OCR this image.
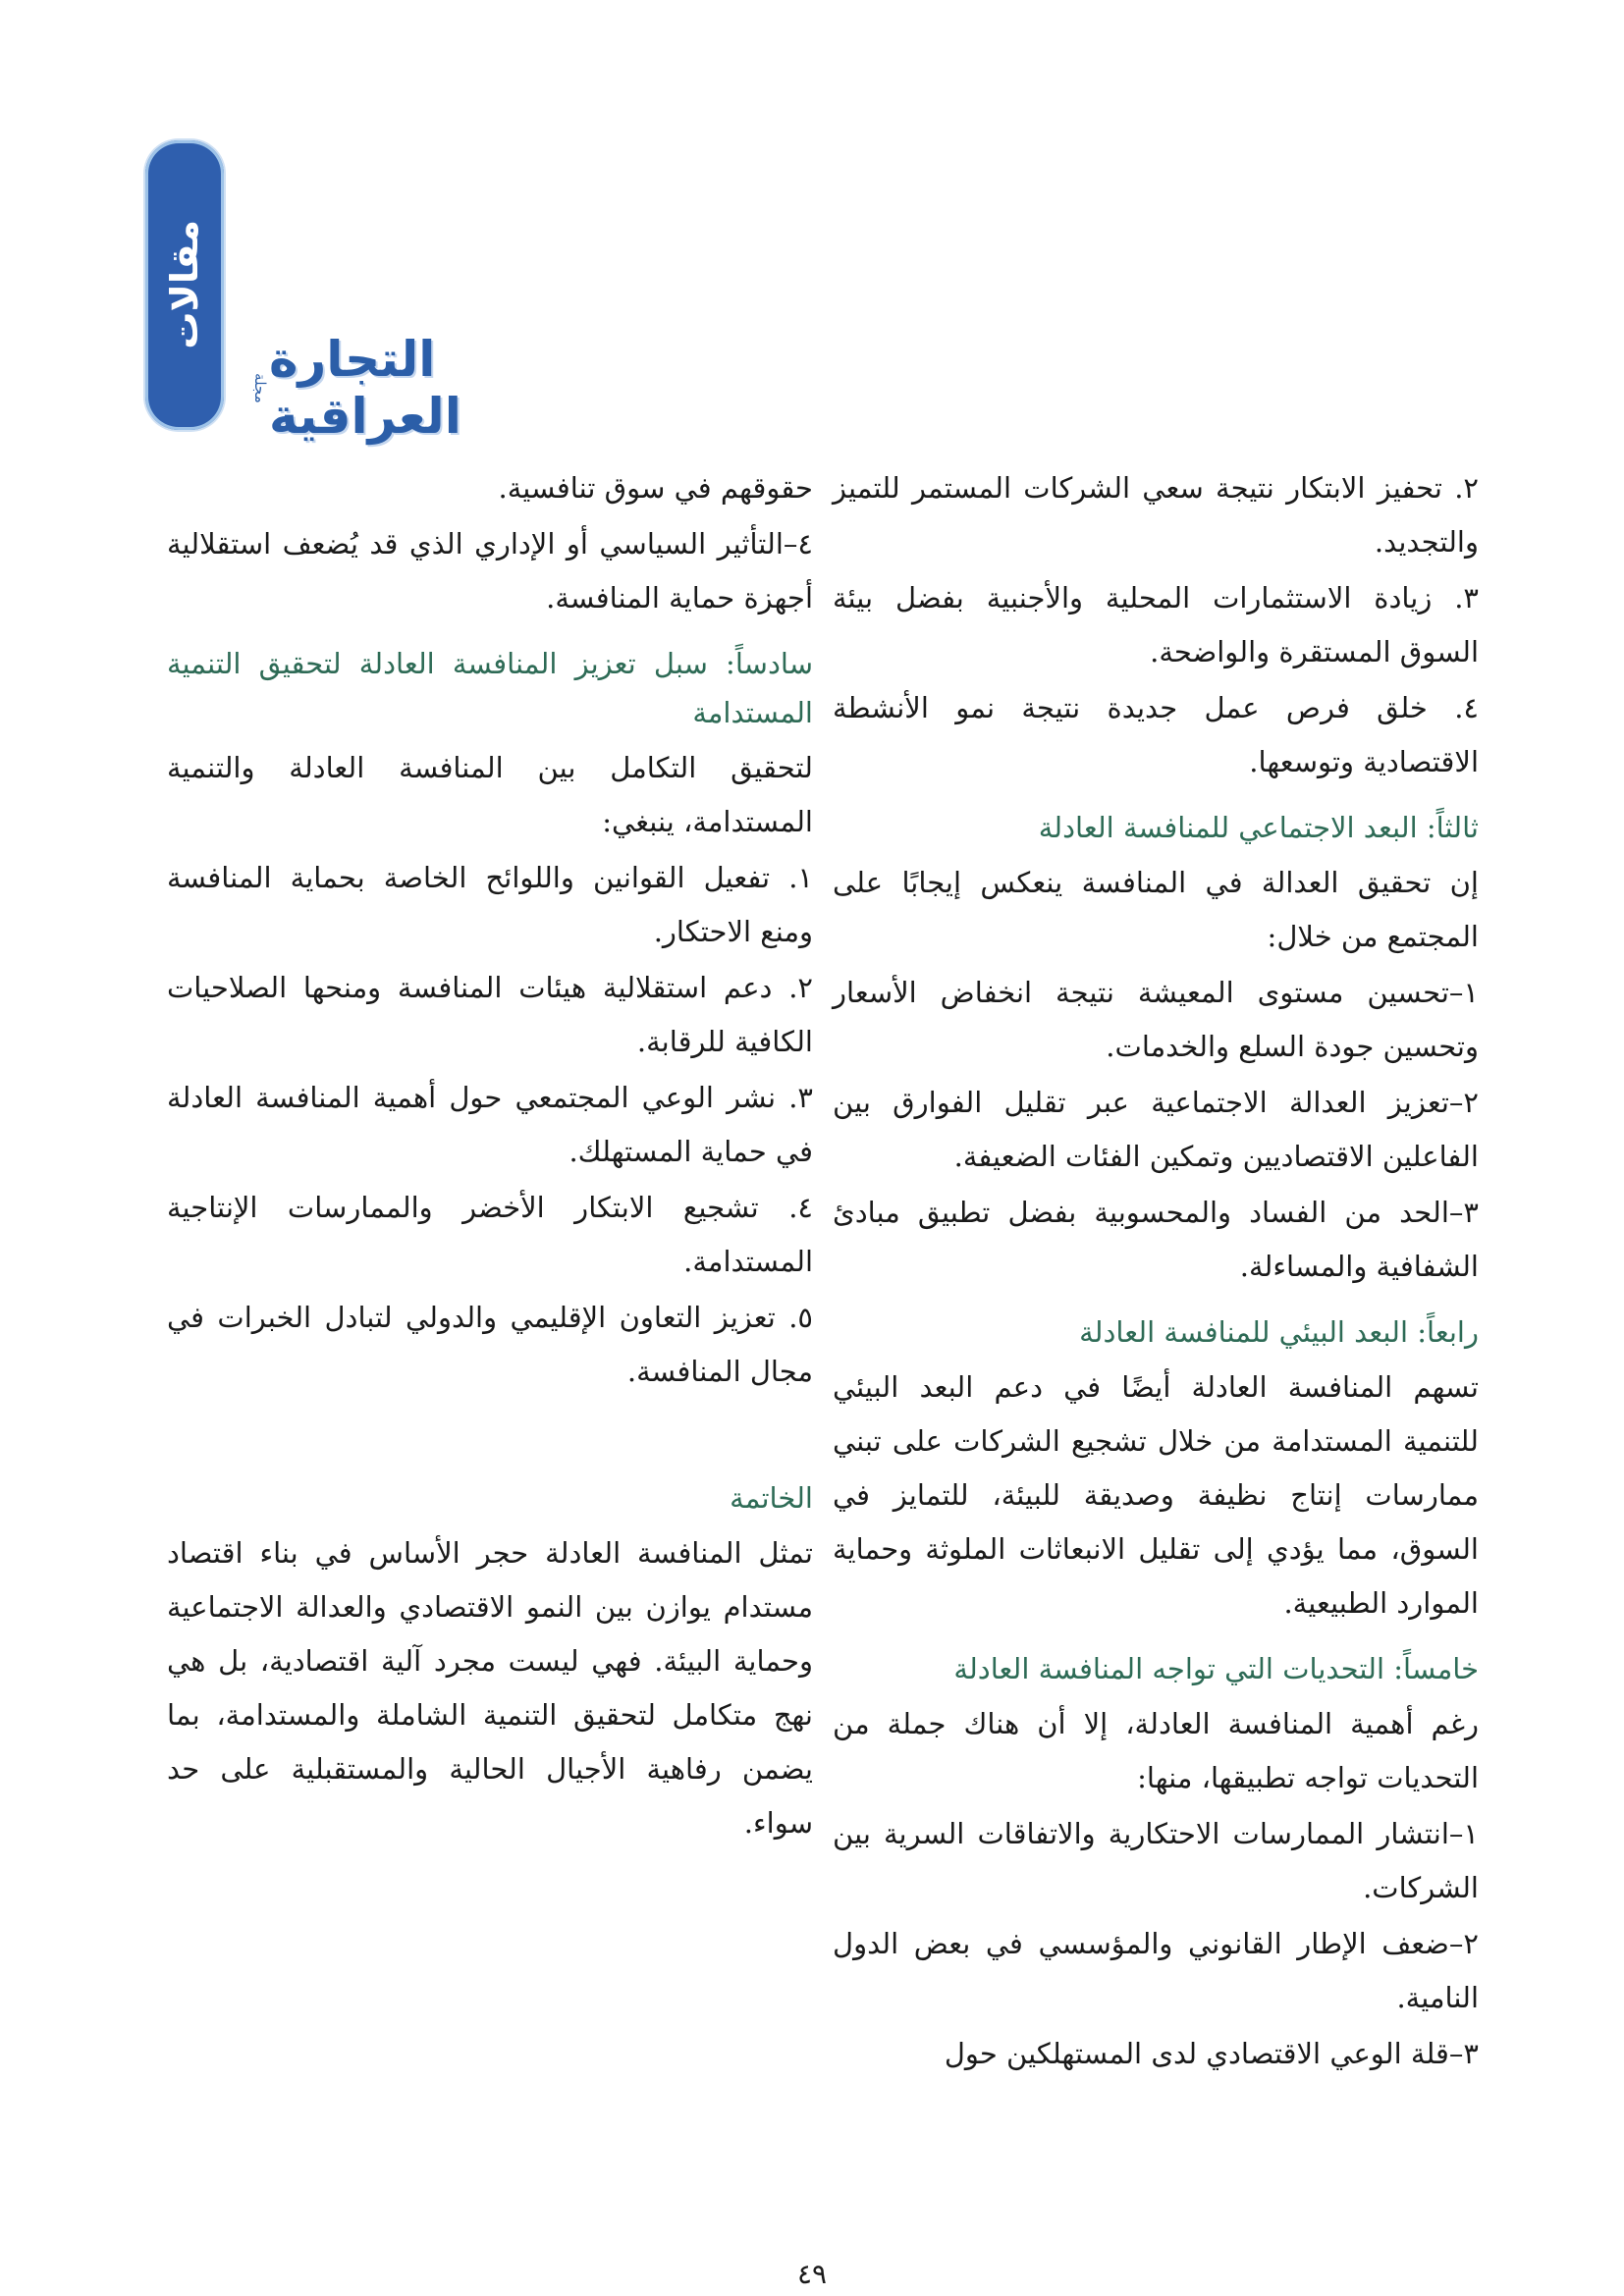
مقالات
التجارة العراقية
مجلة
٢. تحفيز الابتكار نتيجة سعي الشركات المستمر للتميز والتجديد.
٣. زيادة الاستثمارات المحلية والأجنبية بفضل بيئة السوق المستقرة والواضحة.
٤. خلق فرص عمل جديدة نتيجة نمو الأنشطة الاقتصادية وتوسعها.
ثالثاً: البعد الاجتماعي للمنافسة العادلة
إن تحقيق العدالة في المنافسة ينعكس إيجابًا على المجتمع من خلال:
١–تحسين مستوى المعيشة نتيجة انخفاض الأسعار وتحسين جودة السلع والخدمات.
٢–تعزيز العدالة الاجتماعية عبر تقليل الفوارق بين الفاعلين الاقتصاديين وتمكين الفئات الضعيفة.
٣–الحد من الفساد والمحسوبية بفضل تطبيق مبادئ الشفافية والمساءلة.
رابعاً: البعد البيئي للمنافسة العادلة
تسهم المنافسة العادلة أيضًا في دعم البعد البيئي للتنمية المستدامة من خلال تشجيع الشركات على تبني ممارسات إنتاج نظيفة وصديقة للبيئة، للتمايز في السوق، مما يؤدي إلى تقليل الانبعاثات الملوثة وحماية الموارد الطبيعية.
خامساً: التحديات التي تواجه المنافسة العادلة
رغم أهمية المنافسة العادلة، إلا أن هناك جملة من التحديات تواجه تطبيقها، منها:
١–انتشار الممارسات الاحتكارية والاتفاقات السرية بين الشركات.
٢–ضعف الإطار القانوني والمؤسسي في بعض الدول النامية.
٣–قلة الوعي الاقتصادي لدى المستهلكين حول
حقوقهم في سوق تنافسية.
٤–التأثير السياسي أو الإداري الذي قد يُضعف استقلالية أجهزة حماية المنافسة.
سادساً: سبل تعزيز المنافسة العادلة لتحقيق التنمية المستدامة
لتحقيق التكامل بين المنافسة العادلة والتنمية المستدامة، ينبغي:
١. تفعيل القوانين واللوائح الخاصة بحماية المنافسة ومنع الاحتكار.
٢. دعم استقلالية هيئات المنافسة ومنحها الصلاحيات الكافية للرقابة.
٣. نشر الوعي المجتمعي حول أهمية المنافسة العادلة في حماية المستهلك.
٤. تشجيع الابتكار الأخضر والممارسات الإنتاجية المستدامة.
٥. تعزيز التعاون الإقليمي والدولي لتبادل الخبرات في مجال المنافسة.
الخاتمة
تمثل المنافسة العادلة حجر الأساس في بناء اقتصاد مستدام يوازن بين النمو الاقتصادي والعدالة الاجتماعية وحماية البيئة. فهي ليست مجرد آلية اقتصادية، بل هي نهج متكامل لتحقيق التنمية الشاملة والمستدامة، بما يضمن رفاهية الأجيال الحالية والمستقبلية على حد سواء.
٤٩
